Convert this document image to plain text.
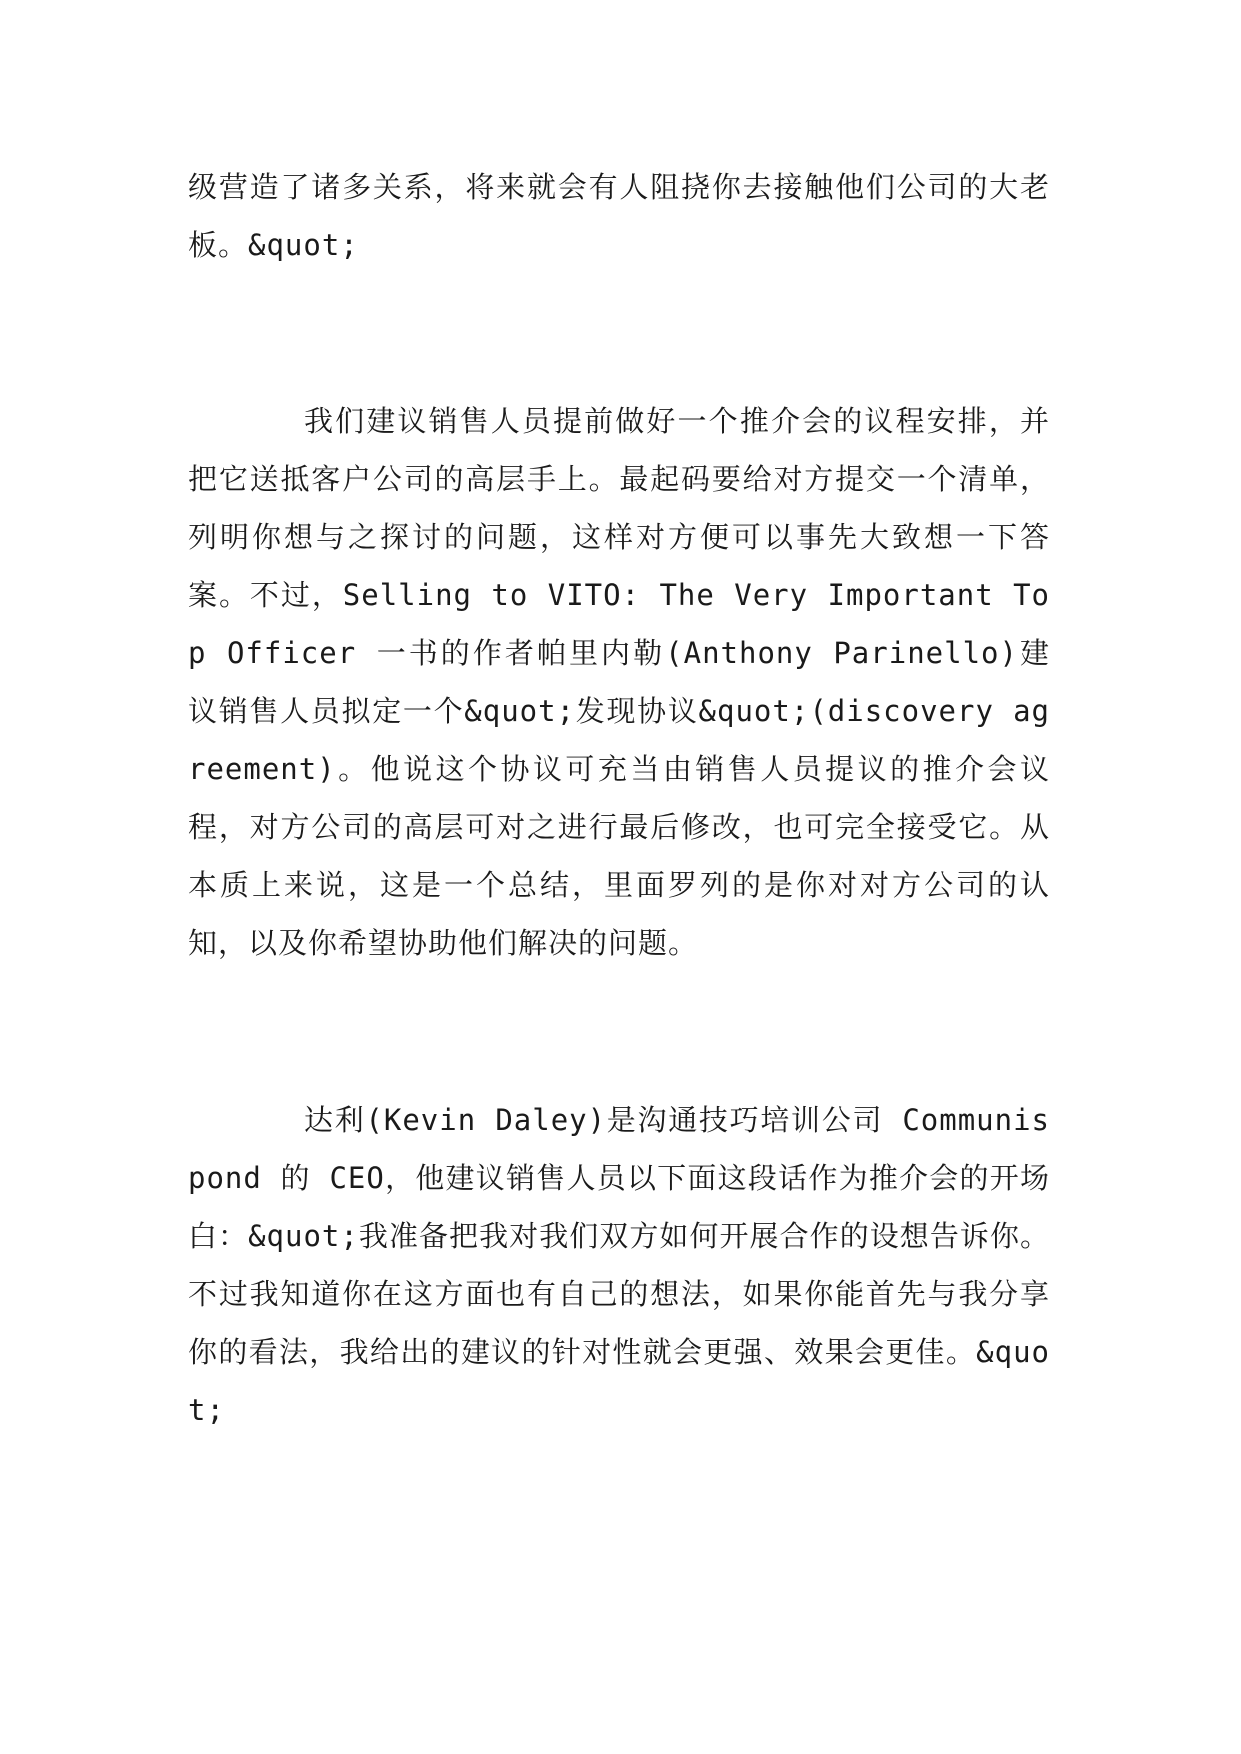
级营造了诸多关系，将来就会有人阻挠你去接触他们公司的大老板。&quot;

我们建议销售人员提前做好一个推介会的议程安排，并把它送抵客户公司的高层手上。最起码要给对方提交一个清单，列明你想与之探讨的问题，这样对方便可以事先大致想一下答案。不过，Selling to VITO: The Very Important Top Officer 一书的作者帕里内勒(Anthony Parinello)建议销售人员拟定一个&quot;发现协议&quot;(discovery agreement)。他说这个协议可充当由销售人员提议的推介会议程，对方公司的高层可对之进行最后修改，也可完全接受它。从本质上来说，这是一个总结，里面罗列的是你对对方公司的认知，以及你希望协助他们解决的问题。

达利(Kevin Daley)是沟通技巧培训公司 Communispond 的 CEO，他建议销售人员以下面这段话作为推介会的开场白：&quot;我准备把我对我们双方如何开展合作的设想告诉你。不过我知道你在这方面也有自己的想法，如果你能首先与我分享你的看法，我给出的建议的针对性就会更强、效果会更佳。&quot;
